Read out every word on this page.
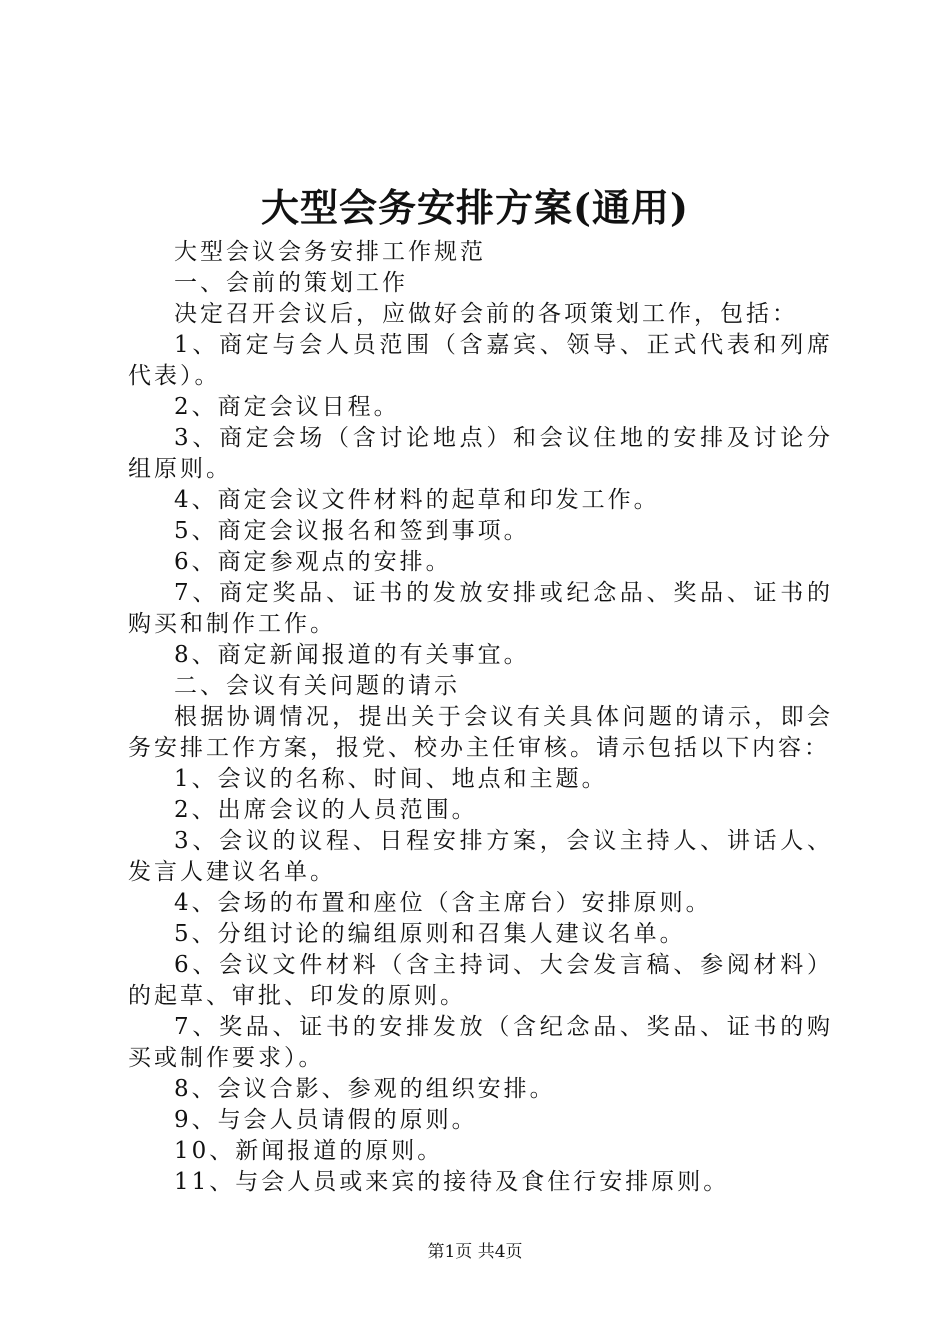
大型会务安排方案(通用)

大型会议会务安排工作规范

一、会前的策划工作

决定召开会议后，应做好会前的各项策划工作，包括：

1、商定与会人员范围（含嘉宾、领导、正式代表和列席代表）。

2、商定会议日程。

3、商定会场（含讨论地点）和会议住地的安排及讨论分组原则。

4、商定会议文件材料的起草和印发工作。

5、商定会议报名和签到事项。

6、商定参观点的安排。

7、商定奖品、证书的发放安排或纪念品、奖品、证书的购买和制作工作。

8、商定新闻报道的有关事宜。

二、会议有关问题的请示

根据协调情况，提出关于会议有关具体问题的请示，即会务安排工作方案，报党、校办主任审核。请示包括以下内容：

1、会议的名称、时间、地点和主题。

2、出席会议的人员范围。

3、会议的议程、日程安排方案，会议主持人、讲话人、发言人建议名单。

4、会场的布置和座位（含主席台）安排原则。

5、分组讨论的编组原则和召集人建议名单。

6、会议文件材料（含主持词、大会发言稿、参阅材料）的起草、审批、印发的原则。

7、奖品、证书的安排发放（含纪念品、奖品、证书的购买或制作要求）。

8、会议合影、参观的组织安排。

9、与会人员请假的原则。

10、新闻报道的原则。

11、与会人员或来宾的接待及食住行安排原则。

第1页 共4页
